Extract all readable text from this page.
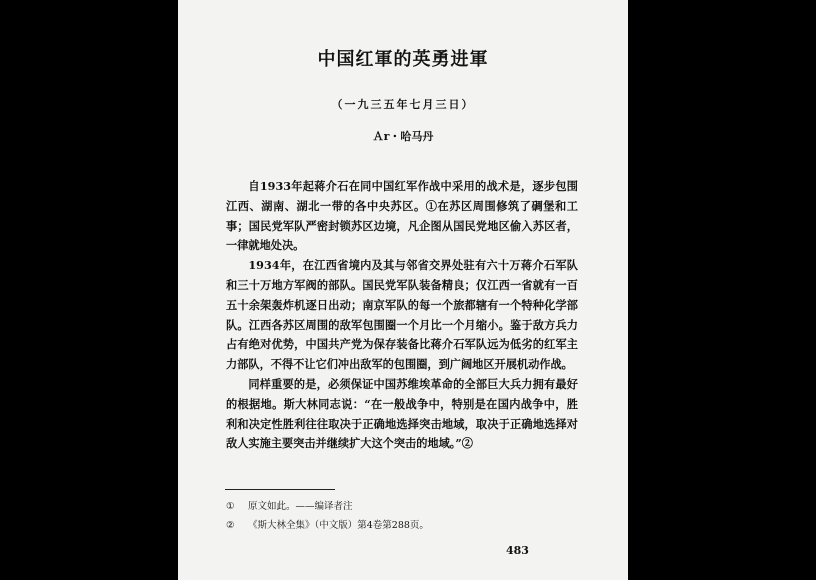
中国红軍的英勇进軍
（一九三五年七月三日）
Ａr・哈马丹

自1933年起蒋介石在同中国红军作战中采用的战术是，逐步包围江西、湖南、湖北一带的各中央苏区。①在苏区周围修筑了碉堡和工事；国民党军队严密封锁苏区边境，凡企图从国民党地区偷入苏区者，一律就地处决。

1934年，在江西省境内及其与邻省交界处驻有六十万蒋介石军队和三十万地方军阀的部队。国民党军队装备精良；仅江西一省就有一百五十余架轰炸机逐日出动；南京军队的每一个旅都辖有一个特种化学部队。江西各苏区周围的敌军包围圈一个月比一个月缩小。鉴于敌方兵力占有绝对优势，中国共产党为保存装备比蒋介石军队远为低劣的红军主力部队，不得不让它们冲出敌军的包围圈，到广阔地区开展机动作战。

同样重要的是，必须保证中国苏维埃革命的全部巨大兵力拥有最好的根据地。斯大林同志说：“在一般战争中，特别是在国内战争中，胜利和决定性胜利往往取决于正确地选择突击地域，取决于正确地选择对敌人实施主要突击并继续扩大这个突击的地域。”②

①	原文如此。——编译者注
②	《斯大林全集》（中文版）第4卷第288页。
483
